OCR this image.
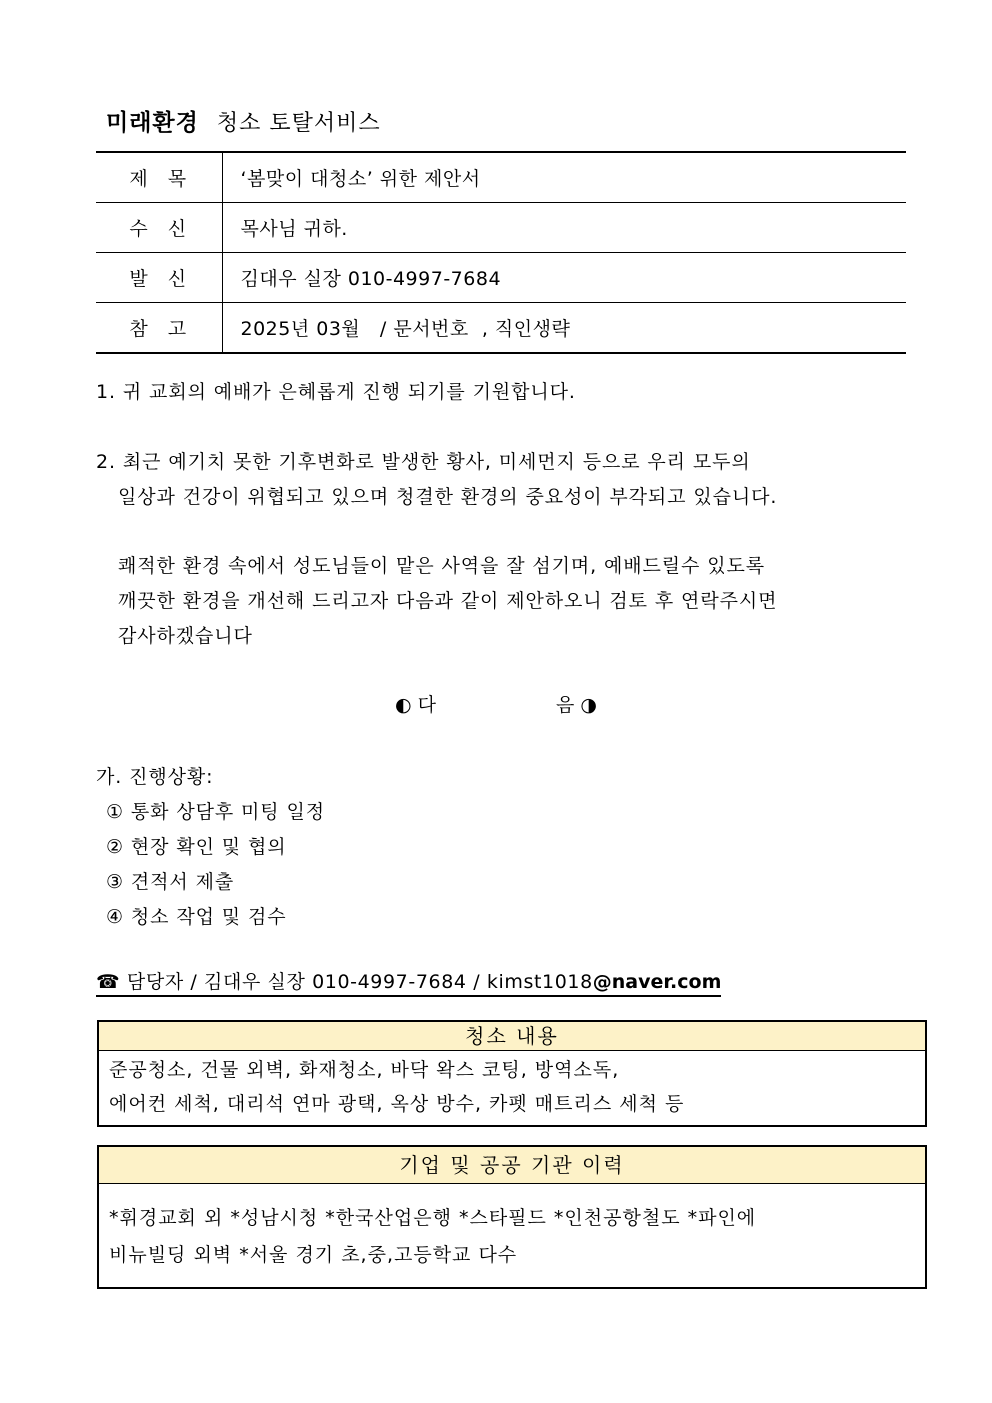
미래환경 청소 토탈서비스
제목	‘봄맞이 대청소’ 위한 제안서
수신	목사님 귀하.
발신	김대우 실장 010-4997-7684
참고	2025년 03월   / 문서번호  , 직인생략
1. 귀 교회의 예배가 은혜롭게 진행 되기를 기원합니다.
2. 최근 예기치 못한 기후변화로 발생한 황사, 미세먼지 등으로 우리 모두의
일상과 건강이 위협되고 있으며 청결한 환경의 중요성이 부각되고 있습니다.
쾌적한 환경 속에서 성도님들이 맡은 사역을 잘 섬기며, 예배드릴수 있도록
깨끗한 환경을 개선해 드리고자 다음과 같이 제안하오니 검토 후 연락주시면
감사하겠습니다
◐ 다	음 ◑
가. 진행상황:
① 통화 상담후 미팅 일정
② 현장 확인 및 협의
③ 견적서 제출
④ 청소 작업 및 검수
☎ 담당자 / 김대우 실장 010-4997-7684 / kimst1018@naver.com
청소 내용
준공청소, 건물 외벽, 화재청소, 바닥 왁스 코팅, 방역소독,
에어컨 세척, 대리석 연마 광택, 옥상 방수, 카펫 매트리스 세척 등
기업 및 공공 기관 이력
*휘경교회 외 *성남시청 *한국산업은행 *스타필드 *인천공항철도 *파인에
비뉴빌딩 외벽 *서울 경기 초,중,고등학교 다수
